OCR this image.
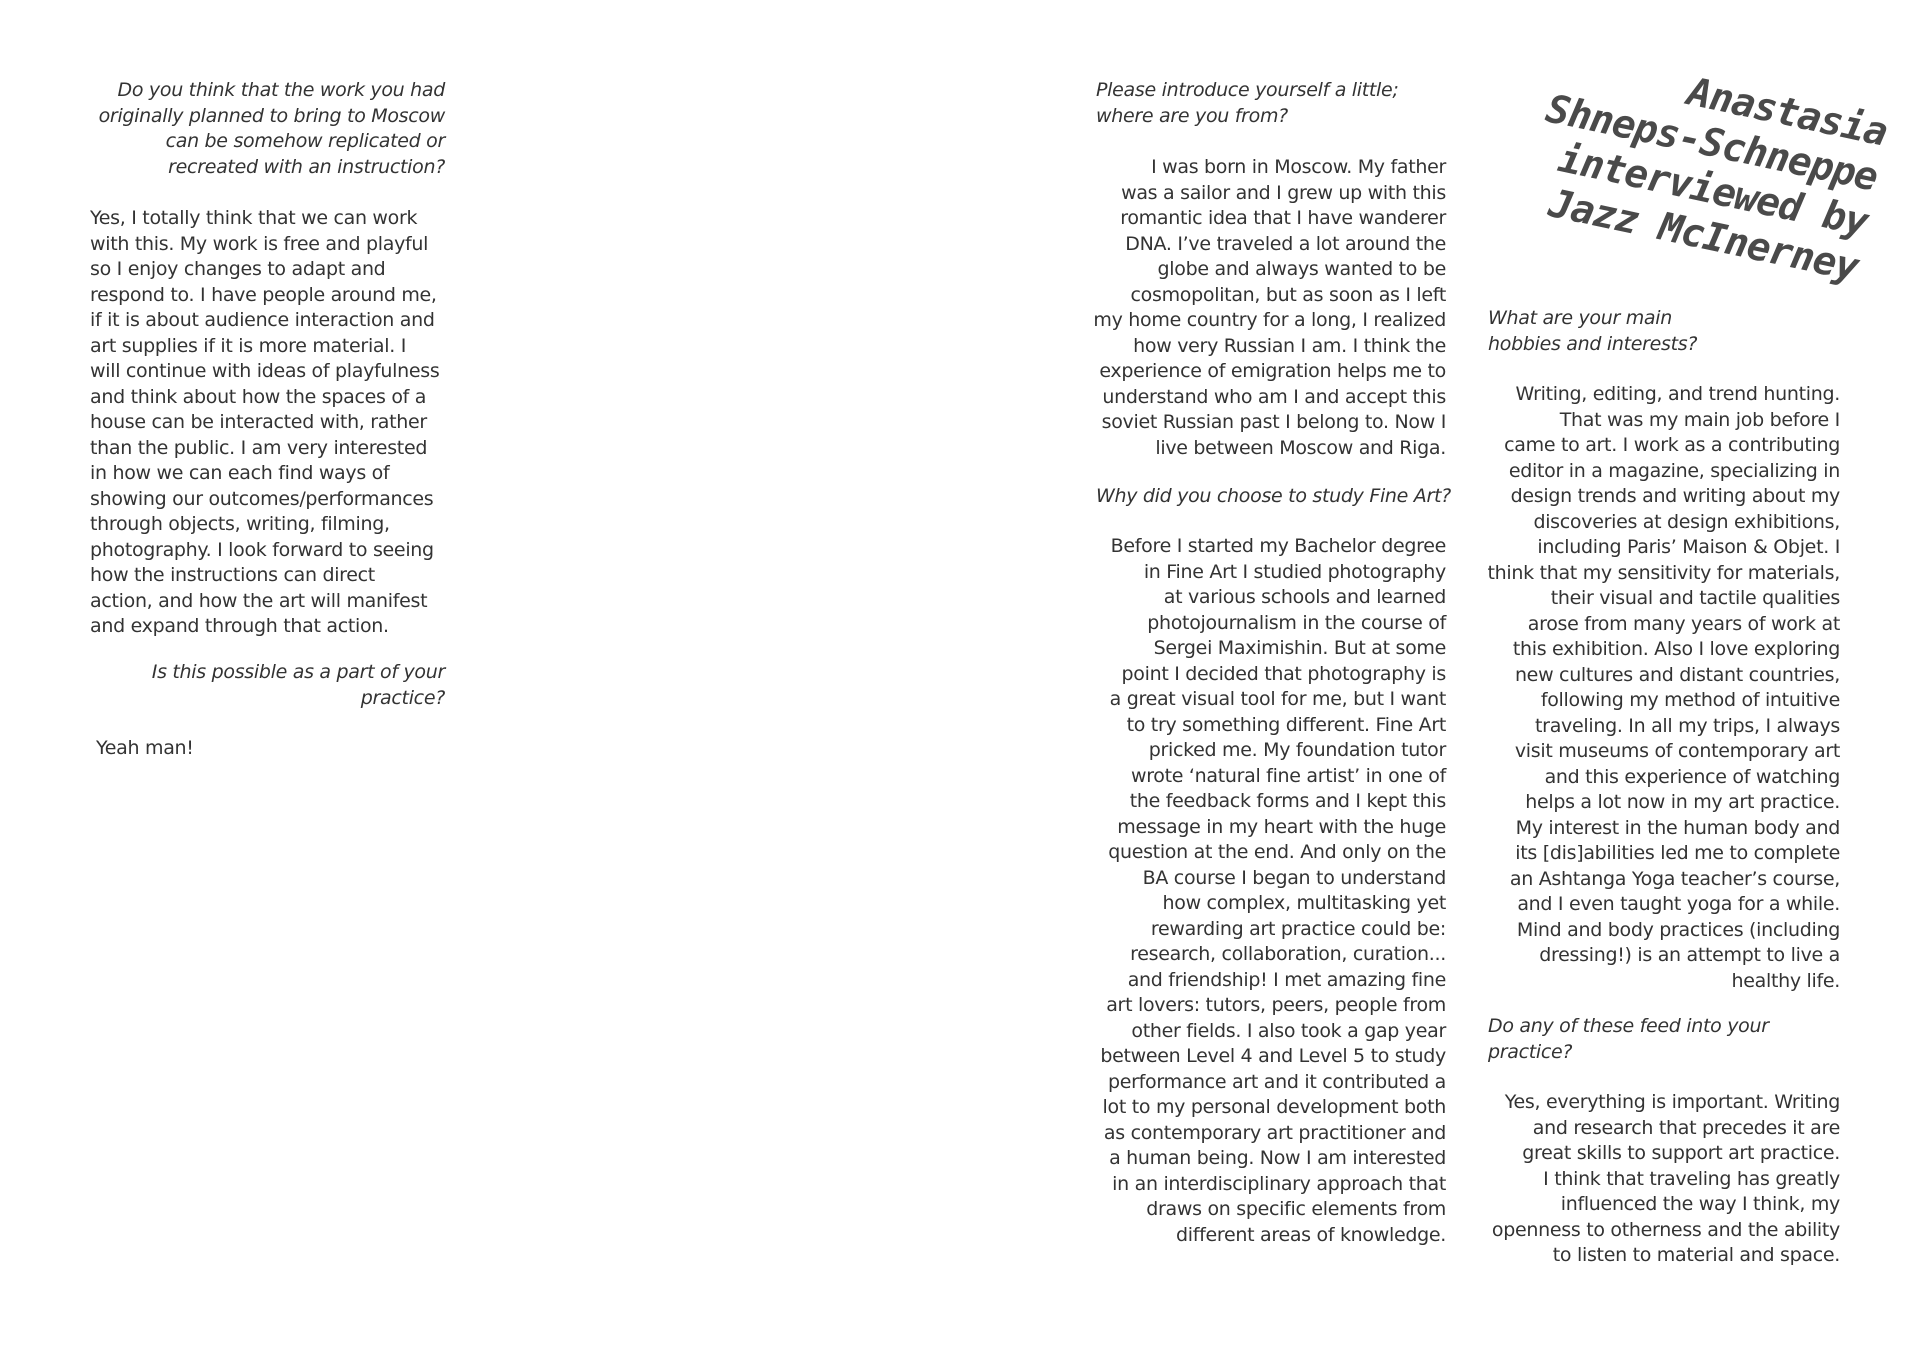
Do you think that the work you had
originally planned to bring to Moscow
can be somehow replicated or
recreated with an instruction?
Yes, I totally think that we can work
with this. My work is free and playful
so I enjoy changes to adapt and
respond to. I have people around me,
if it is about audience interaction and
art supplies if it is more material. I
will continue with ideas of playfulness
and think about how the spaces of a
house can be interacted with, rather
than the public. I am very interested
in how we can each find ways of
showing our outcomes/performances
through objects, writing, filming,
photography. I look forward to seeing
how the instructions can direct
action, and how the art will manifest
and expand through that action.
Is this possible as a part of your
practice?
Yeah man!
Please introduce yourself a little;
where are you from?
I was born in Moscow. My father
was a sailor and I grew up with this
romantic idea that I have wanderer
DNA. I’ve traveled a lot around the
globe and always wanted to be
cosmopolitan, but as soon as I left
my home country for a long, I realized
how very Russian I am. I think the
experience of emigration helps me to
understand who am I and accept this
soviet Russian past I belong to. Now I
live between Moscow and Riga.
Why did you choose to study Fine Art?
Before I started my Bachelor degree
in Fine Art I studied photography
at various schools and learned
photojournalism in the course of
Sergei Maximishin. But at some
point I decided that photography is
a great visual tool for me, but I want
to try something different. Fine Art
pricked me. My foundation tutor
wrote ‘natural fine artist’ in one of
the feedback forms and I kept this
message in my heart with the huge
question at the end. And only on the
BA course I began to understand
how complex, multitasking yet
rewarding art practice could be:
research, collaboration, curation...
and friendship! I met amazing fine
art lovers: tutors, peers, people from
other fields. I also took a gap year
between Level 4 and Level 5 to study
performance art and it contributed a
lot to my personal development both
as contemporary art practitioner and
a human being. Now I am interested
in an interdisciplinary approach that
draws on specific elements from
different areas of knowledge.
Anastasia
Shneps-Schneppe
interviewed by
Jazz McInerney
What are your main
hobbies and interests?
Writing, editing, and trend hunting.
That was my main job before I
came to art. I work as a contributing
editor in a magazine, specializing in
design trends and writing about my
discoveries at design exhibitions,
including Paris’ Maison & Objet. I
think that my sensitivity for materials,
their visual and tactile qualities
arose from many years of work at
this exhibition. Also I love exploring
new cultures and distant countries,
following my method of intuitive
traveling. In all my trips, I always
visit museums of contemporary art
and this experience of watching
helps a lot now in my art practice.
My interest in the human body and
its [dis]abilities led me to complete
an Ashtanga Yoga teacher’s course,
and I even taught yoga for a while.
Mind and body practices (including
dressing!) is an attempt to live a
healthy life.
Do any of these feed into your
practice?
Yes, everything is important. Writing
and research that precedes it are
great skills to support art practice.
I think that traveling has greatly
influenced the way I think, my
openness to otherness and the ability
to listen to material and space.
